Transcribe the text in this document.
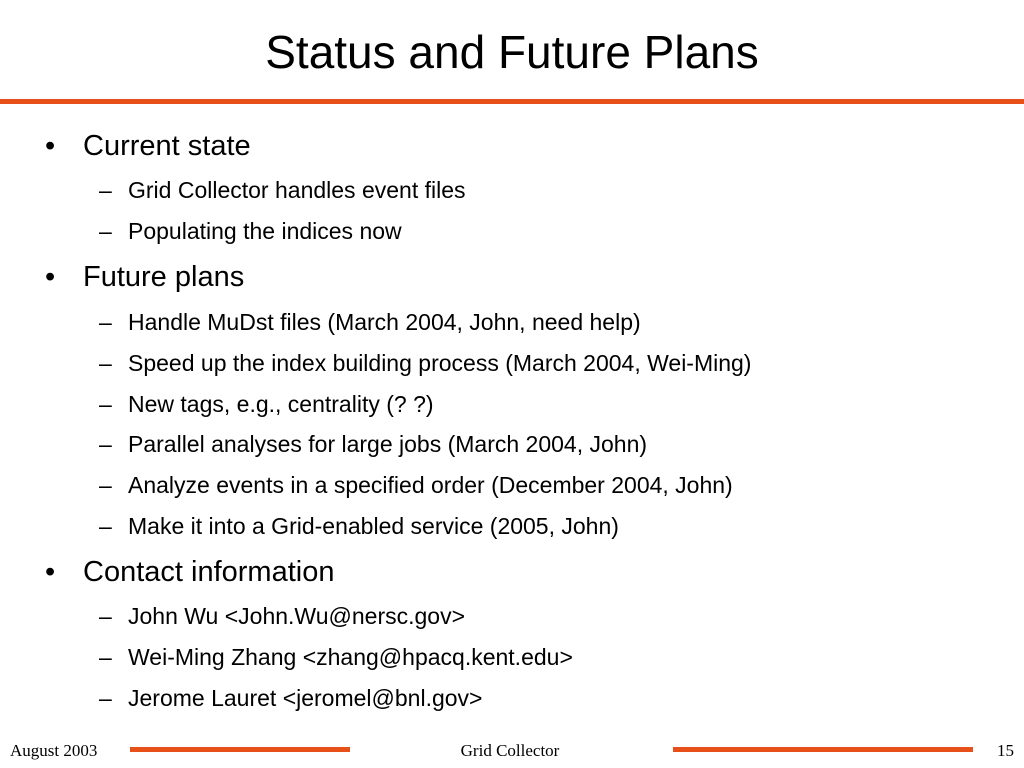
Status and Future Plans
• Current state
– Grid Collector handles event files
– Populating the indices now
• Future plans
– Handle MuDst files (March 2004, John, need help)
– Speed up the index building process (March 2004, Wei-Ming)
– New tags, e.g., centrality (? ?)
– Parallel analyses for large jobs (March 2004, John)
– Analyze events in a specified order (December 2004, John)
– Make it into a Grid-enabled service (2005, John)
• Contact information
– John Wu <John.Wu@nersc.gov>
– Wei-Ming Zhang <zhang@hpacq.kent.edu>
– Jerome Lauret <jeromel@bnl.gov>
August 2003	Grid Collector	15
